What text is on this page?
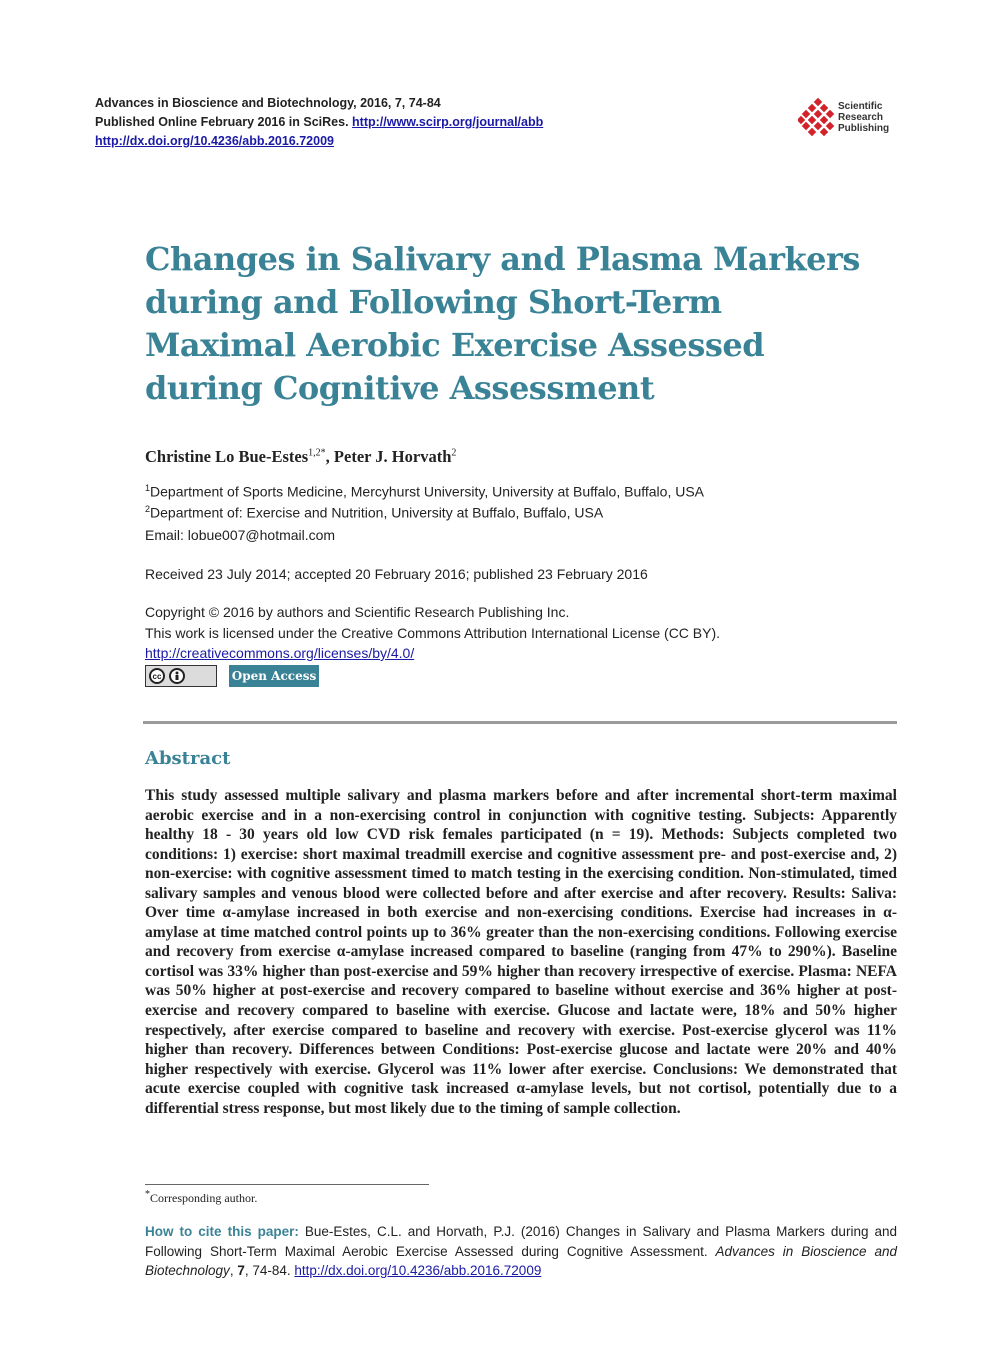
Advances in Bioscience and Biotechnology, 2016, 7, 74-84
Published Online February 2016 in SciRes. http://www.scirp.org/journal/abb
http://dx.doi.org/10.4236/abb.2016.72009
Scientific
Research
Publishing
Changes in Salivary and Plasma Markers during and Following Short-Term Maximal Aerobic Exercise Assessed during Cognitive Assessment
Christine Lo Bue-Estes$^{1,2*}$, Peter J. Horvath$^2$
$^1$Department of Sports Medicine, Mercyhurst University, University at Buffalo, Buffalo, USA
$^2$Department of: Exercise and Nutrition, University at Buffalo, Buffalo, USA
Email: lobue007@hotmail.com
Received 23 July 2014; accepted 20 February 2016; published 23 February 2016
Copyright © 2016 by authors and Scientific Research Publishing Inc.
This work is licensed under the Creative Commons Attribution International License (CC BY).
http://creativecommons.org/licenses/by/4.0/
cc	Open Access
Abstract

This study assessed multiple salivary and plasma markers before and after incremental short-term maximal aerobic exercise and in a non-exercising control in conjunction with cognitive testing. Subjects: Apparently healthy 18 - 30 years old low CVD risk females participated (n = 19). Methods: Subjects completed two conditions: 1) exercise: short maximal treadmill exercise and cognitive assessment pre- and post-exercise and, 2) non-exercise: with cognitive assessment timed to match testing in the exercising condition. Non-stimulated, timed salivary samples and venous blood were collected before and after exercise and after recovery. Results: Saliva: Over time α-amylase increased in both exercise and non-exercising conditions. Exercise had increases in α-amylase at time matched control points up to 36% greater than the non-exercising conditions. Following exercise and recovery from exercise α-amylase increased compared to baseline (ranging from 47% to 290%). Baseline cortisol was 33% higher than post-exercise and 59% higher than recovery irrespective of exercise. Plasma: NEFA was 50% higher at post-exercise and recovery compared to baseline without exercise and 36% higher at post-exercise and recovery compared to baseline with exercise. Glucose and lactate were, 18% and 50% higher respectively, after exercise compared to baseline and recovery with exercise. Post-exercise glycerol was 11% higher than recovery. Differences between Conditions: Post-exercise glucose and lactate were 20% and 40% higher respectively with exercise. Glycerol was 11% lower after exercise. Conclusions: We demonstrated that acute exercise coupled with cognitive task increased α-amylase levels, but not cortisol, potentially due to a differential stress response, but most likely due to the timing of sample collection.

*Corresponding author.
How to cite this paper: Bue-Estes, C.L. and Horvath, P.J. (2016) Changes in Salivary and Plasma Markers during and Following Short-Term Maximal Aerobic Exercise Assessed during Cognitive Assessment. Advances in Bioscience and Biotechnology, 7, 74-84. http://dx.doi.org/10.4236/abb.2016.72009
